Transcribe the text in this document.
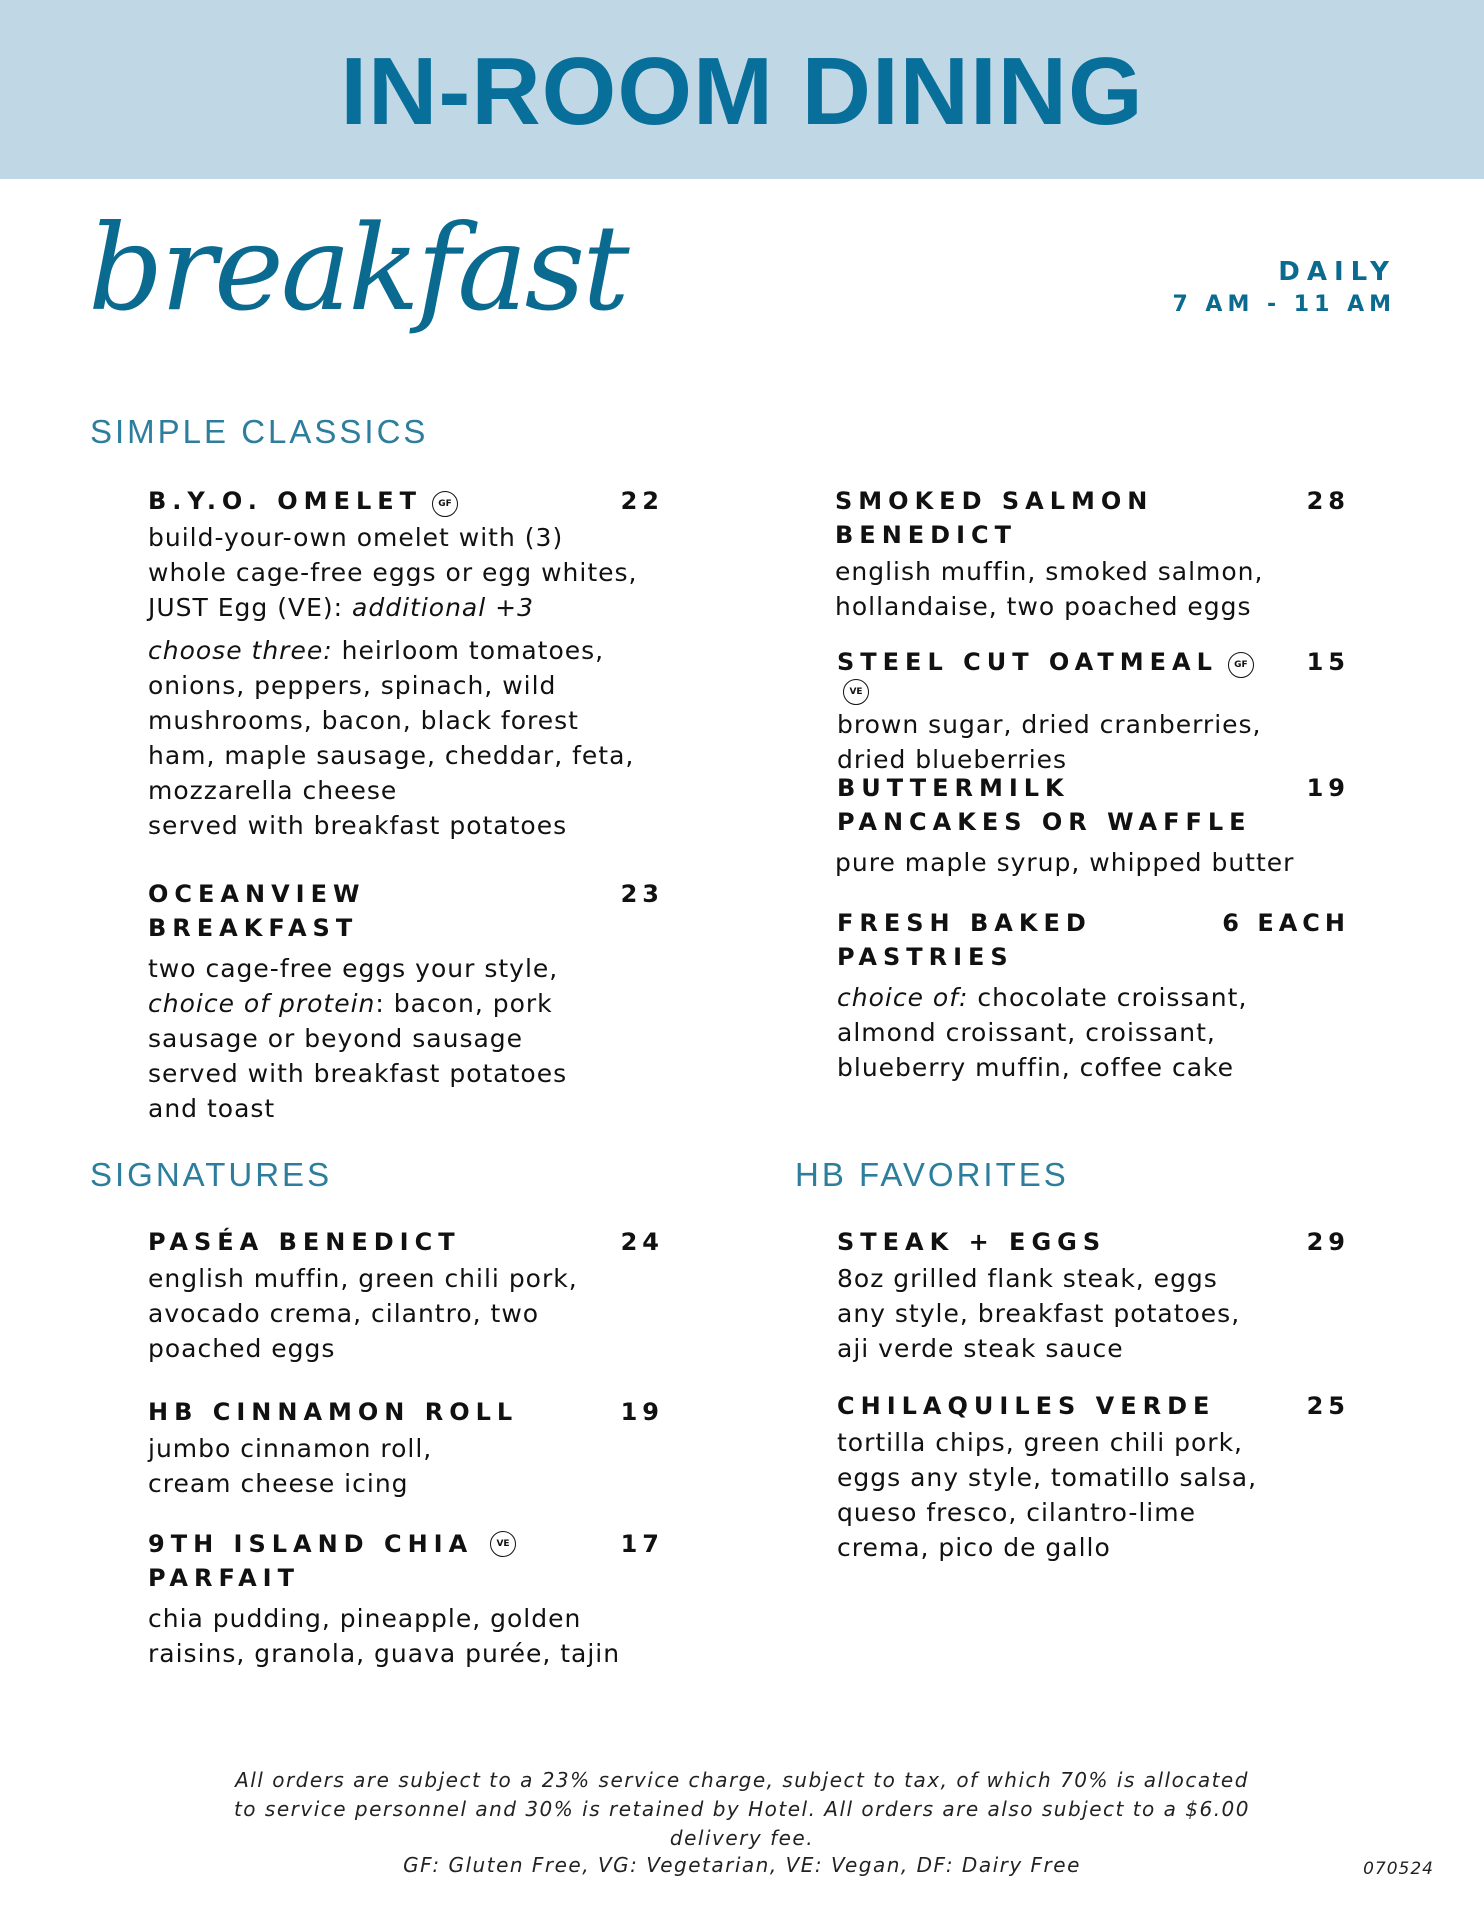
IN-ROOM DINING
breakfast	DAILY
7 AM - 11 AM
SIMPLE CLASSICS
B.Y.O. OMELET GF	22
build-your-own omelet with (3) whole cage-free eggs or egg whites, JUST Egg (VE): additional +3
choose three: heirloom tomatoes, onions, peppers, spinach, wild mushrooms, bacon, black forest ham, maple sausage, cheddar, feta, mozzarella cheese
served with breakfast potatoes
OCEANVIEW BREAKFAST
23
two cage-free eggs your style,
choice of protein: bacon, pork sausage or beyond sausage
served with breakfast potatoes and toast
SMOKED SALMON BENEDICT
28
english muffin, smoked salmon, hollandaise, two poached eggs
STEEL CUT OATMEAL GFVE
15
brown sugar, dried cranberries, dried blueberries
BUTTERMILK PANCAKES OR WAFFLE
19
pure maple syrup, whipped butter
FRESH BAKED PASTRIES
6 EACH
choice of: chocolate croissant, almond croissant, croissant, blueberry muffin, coffee cake
SIGNATURES
PASÉA BENEDICT	24
english muffin, green chili pork, avocado crema, cilantro, two poached eggs
HB CINNAMON ROLL	19
jumbo cinnamon roll, cream cheese icing
9TH ISLAND CHIA PARFAIT
VE	17
chia pudding, pineapple, golden raisins, granola, guava purée, tajin
HB FAVORITES
STEAK + EGGS	29
8oz grilled flank steak, eggs any style, breakfast potatoes, aji verde steak sauce
CHILAQUILES VERDE	25
tortilla chips, green chili pork, eggs any style, tomatillo salsa, queso fresco, cilantro-lime crema, pico de gallo
All orders are subject to a 23% service charge, subject to tax, of which 70% is allocated to service personnel and 30% is retained by Hotel. All orders are also subject to a $6.00 delivery fee.
GF: Gluten Free, VG: Vegetarian, VE: Vegan, DF: Dairy Free	070524
